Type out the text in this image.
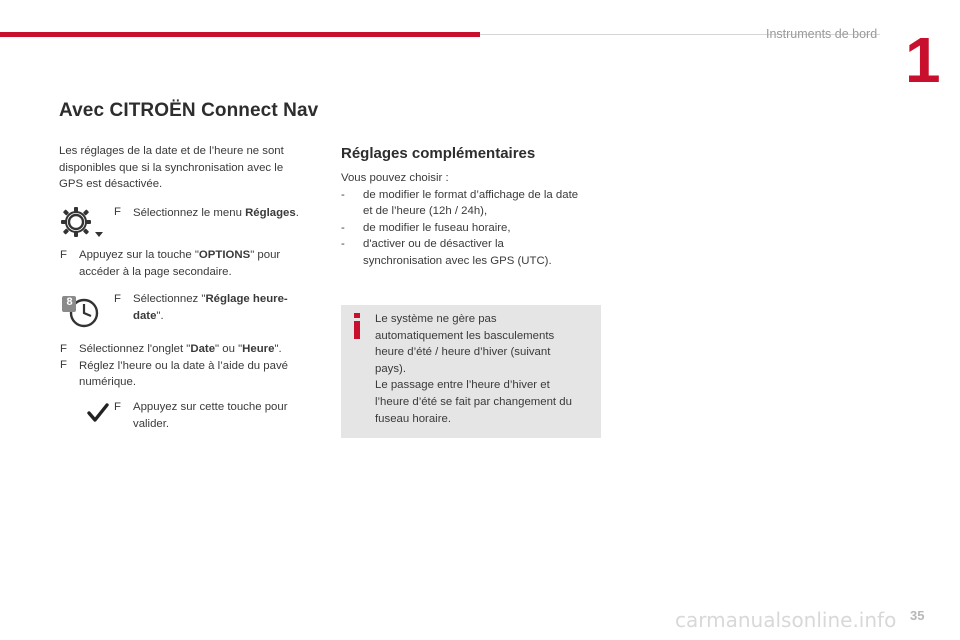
Instruments de bord 1
Avec CITROËN Connect Nav
Les réglages de la date et de l’heure ne sont
disponibles que si la synchronisation avec le
GPS est désactivée.
F Sélectionnez le menu Réglages.
F Appuyez sur la touche "OPTIONS" pour
accéder à la page secondaire.
8	F Sélectionnez "Réglage heure-
date".
F Sélectionnez l'onglet "Date" ou "Heure".
F Réglez l’heure ou la date à l’aide du pavé
numérique.
F Appuyez sur cette touche pour
valider.
Réglages complémentaires
Vous pouvez choisir :
- de modifier le format d’affichage de la date
et de l’heure (12h / 24h),
- de modifier le fuseau horaire,
- d'activer ou de désactiver la
synchronisation avec les GPS (UTC).
Le système ne gère pas
automatiquement les basculements
heure d’été / heure d’hiver (suivant
pays).
Le passage entre l’heure d’hiver et
l’heure d’été se fait par changement du
fuseau horaire.
carmanualsonline.info 35
